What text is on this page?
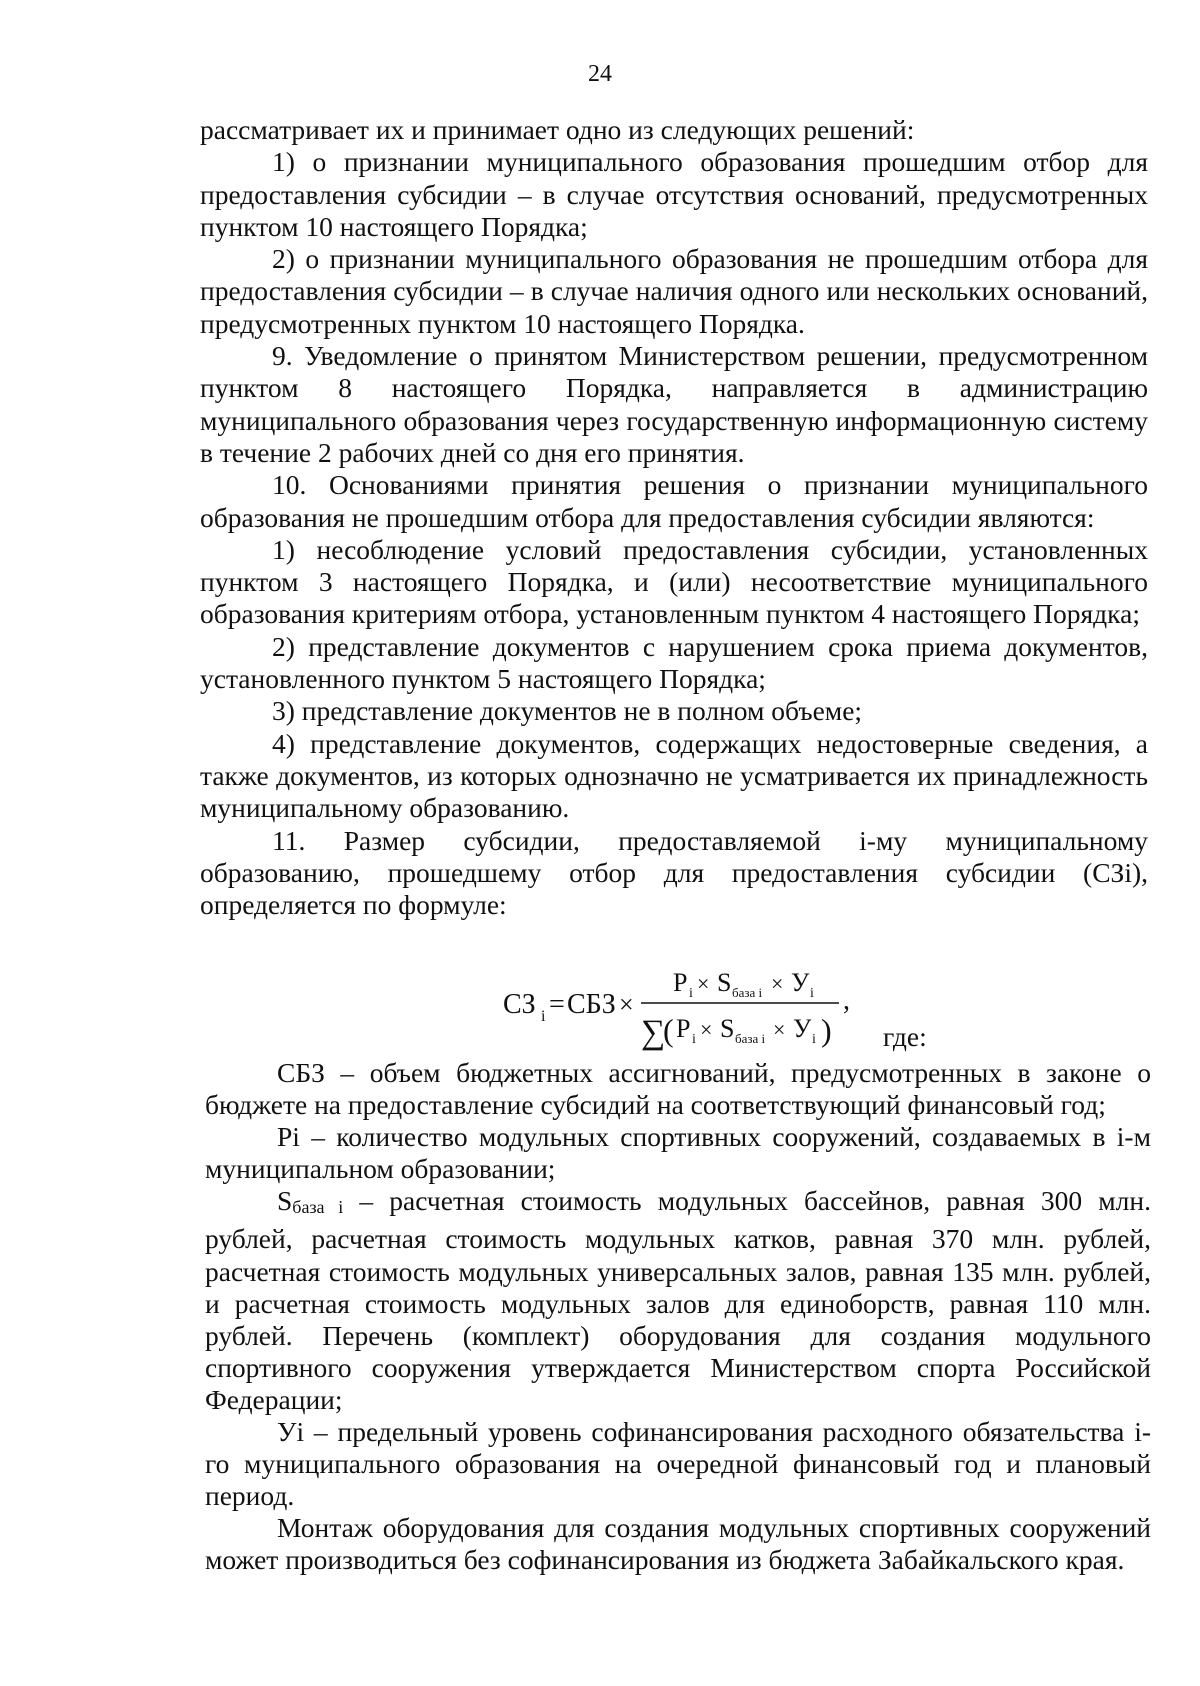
24

рассматривает их и принимает одно из следующих решений:

1) о признании муниципального образования прошедшим отбор для предоставления субсидии – в случае отсутствия оснований, предусмотренных пунктом 10 настоящего Порядка;

2) о признании муниципального образования не прошедшим отбора для предоставления субсидии – в случае наличия одного или нескольких оснований, предусмотренных пунктом 10 настоящего Порядка.

9. Уведомление о принятом Министерством решении, предусмотренном пунктом 8 настоящего Порядка, направляется в администрацию муниципального образования через государственную информационную систему в течение 2 рабочих дней со дня его принятия.

10. Основаниями принятия решения о признании муниципального образования не прошедшим отбора для предоставления субсидии являются:

1) несоблюдение условий предоставления субсидии, установленных пунктом 3 настоящего Порядка, и (или) несоответствие муниципального образования критериям отбора, установленным пунктом 4 настоящего Порядка;

2) представление документов с нарушением срока приема документов, установленного пунктом 5 настоящего Порядка;

3) представление документов не в полном объеме;

4) представление документов, содержащих недостоверные сведения, а также документов, из которых однозначно не усматривается их принадлежность муниципальному образованию.

11. Размер субсидии, предоставляемой i-му муниципальному образованию, прошедшему отбор для предоставления субсидии (СЗi), определяется по формуле:

СЗ i = СБЗ ×
P i × S база i × У i
∑
( P i × S база i × У i )
,
где:

СБЗ – объем бюджетных ассигнований, предусмотренных в законе о бюджете на предоставление субсидий на соответствующий финансовый год;

Pi – количество модульных спортивных сооружений, создаваемых в i-м муниципальном образовании;

Sбаза i – расчетная стоимость модульных бассейнов, равная 300 млн. рублей, расчетная стоимость модульных катков, равная 370 млн. рублей, расчетная стоимость модульных универсальных залов, равная 135 млн. рублей, и расчетная стоимость модульных залов для единоборств, равная 110 млн. рублей. Перечень (комплект) оборудования для создания модульного спортивного сооружения утверждается Министерством спорта Российской Федерации;

Уi – предельный уровень софинансирования расходного обязательства i-го муниципального образования на очередной финансовый год и плановый период.

Монтаж оборудования для создания модульных спортивных сооружений может производиться без софинансирования из бюджета Забайкальского края.
